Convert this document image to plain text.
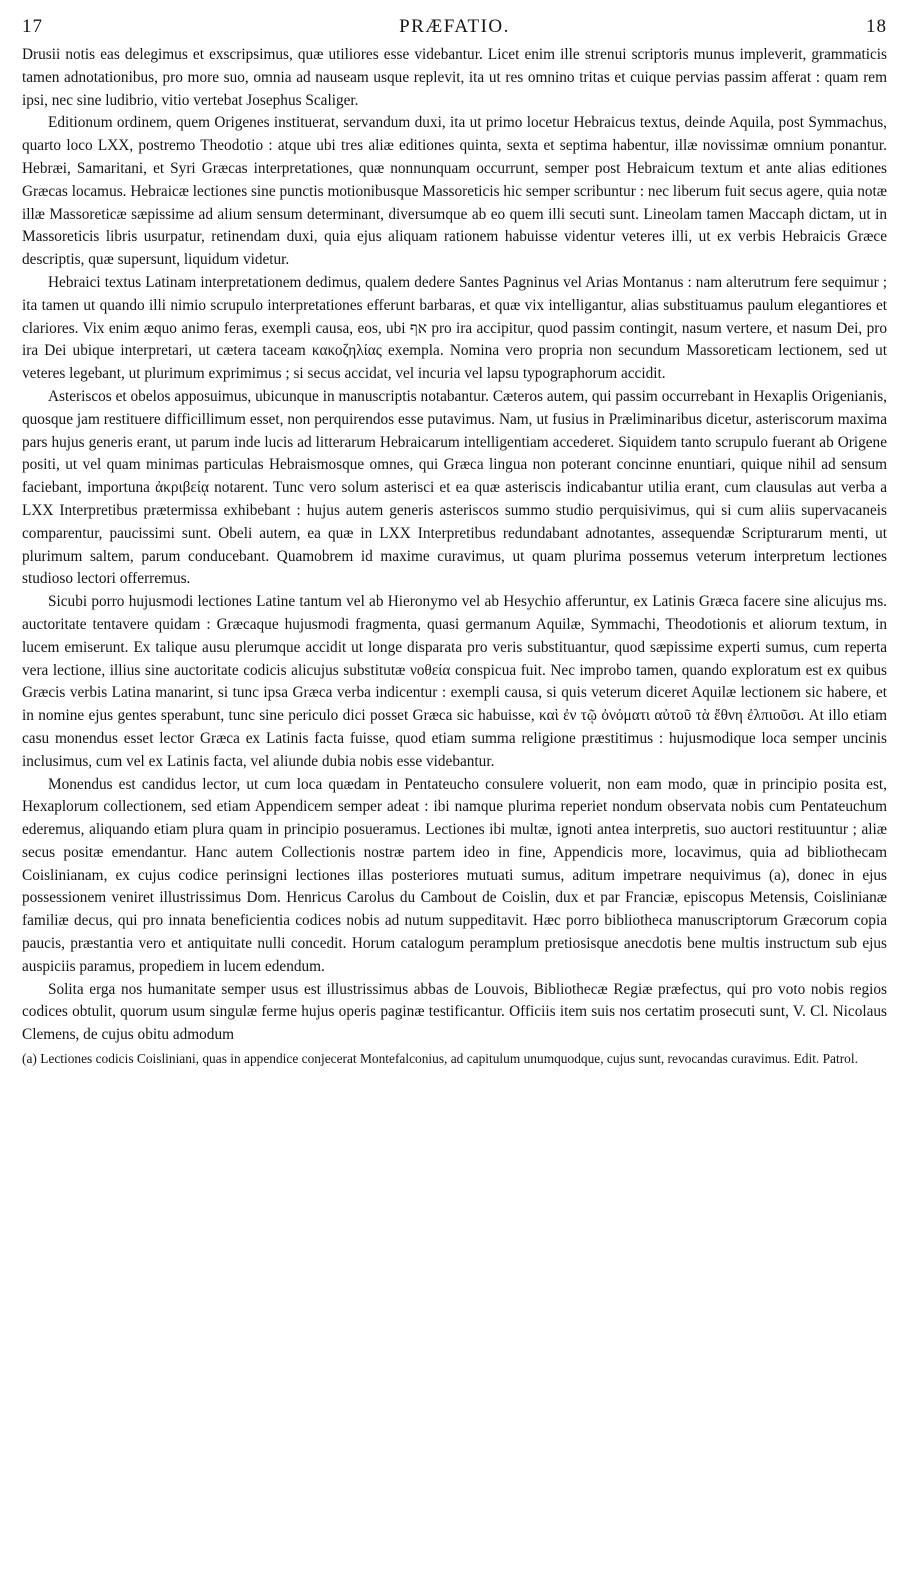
17	PRÆFATIO.	18

Drusii notis eas delegimus et exscripsimus, quæ utiliores esse videbantur. Licet enim ille strenui scriptoris munus impleverit, grammaticis tamen adnotationibus, pro more suo, omnia ad nauseam usque replevit, ita ut res omnino tritas et cuique pervias passim afferat : quam rem ipsi, nec sine ludibrio, vitio vertebat Josephus Scaliger.

Editionum ordinem, quem Origenes instituerat, servandum duxi, ita ut primo locetur Hebraicus textus, deinde Aquila, post Symmachus, quarto loco LXX, postremo Theodotio : atque ubi tres aliæ editiones quinta, sexta et septima habentur, illæ novissimæ omnium ponantur. Hebræi, Samaritani, et Syri Græcas interpretationes, quæ nonnunquam occurrunt, semper post Hebraicum textum et ante alias editiones Græcas locamus. Hebraicæ lectiones sine punctis motionibusque Massoreticis hic semper scribuntur : nec liberum fuit secus agere, quia notæ illæ Massoreticæ sæpissime ad alium sensum determinant, diversumque ab eo quem illi secuti sunt. Lineolam tamen Maccaph dictam, ut in Massoreticis libris usurpatur, retinendam duxi, quia ejus aliquam rationem habuisse videntur veteres illi, ut ex verbis Hebraicis Græce descriptis, quæ supersunt, liquidum videtur.

Hebraici textus Latinam interpretationem dedimus, qualem dedere Santes Pagninus vel Arias Montanus : nam alterutrum fere sequimur ; ita tamen ut quando illi nimio scrupulo interpretationes efferunt barbaras, et quæ vix intelligantur, alias substituamus paulum elegantiores et clariores. Vix enim æquo animo feras, exempli causa, eos, ubi אף pro ira accipitur, quod passim contingit, nasum vertere, et nasum Dei, pro ira Dei ubique interpretari, ut cætera taceam κακοζηλίας exempla. Nomina vero propria non secundum Massoreticam lectionem, sed ut veteres legebant, ut plurimum exprimimus ; si secus accidat, vel incuria vel lapsu typographorum accidit.

Asteriscos et obelos apposuimus, ubicunque in manuscriptis notabantur. Cæteros autem, qui passim occurrebant in Hexaplis Origenianis, quosque jam restituere difficillimum esset, non perquirendos esse putavimus. Nam, ut fusius in Præliminaribus dicetur, asteriscorum maxima pars hujus generis erant, ut parum inde lucis ad litterarum Hebraicarum intelligentiam accederet. Siquidem tanto scrupulo fuerant ab Origene positi, ut vel quam minimas particulas Hebraismosque omnes, qui Græca lingua non poterant concinne enuntiari, quique nihil ad sensum faciebant, importuna ἀκριβείᾳ notarent. Tunc vero solum asterisci et ea quæ asteriscis indicabantur utilia erant, cum clausulas aut verba a LXX Interpretibus prætermissa exhibebant : hujus autem generis asteriscos summo studio perquisivimus, qui si cum aliis supervacaneis comparentur, paucissimi sunt. Obeli autem, ea quæ in LXX Interpretibus redundabant adnotantes, assequendæ Scripturarum menti, ut plurimum saltem, parum conducebant. Quamobrem id maxime curavimus, ut quam plurima possemus veterum interpretum lectiones studioso lectori offerremus.

Sicubi porro hujusmodi lectiones Latine tantum vel ab Hieronymo vel ab Hesychio afferuntur, ex Latinis Græca facere sine alicujus ms. auctoritate tentavere quidam : Græcaque hujusmodi fragmenta, quasi germanum Aquilæ, Symmachi, Theodotionis et aliorum textum, in lucem emiserunt. Ex talique ausu plerumque accidit ut longe disparata pro veris substituantur, quod sæpissime experti sumus, cum reperta vera lectione, illius sine auctoritate codicis alicujus substitutæ νοθεία conspicua fuit. Nec improbo tamen, quando exploratum est ex quibus Græcis verbis Latina manarint, si tunc ipsa Græca verba indicentur : exempli causa, si quis veterum diceret Aquilæ lectionem sic habere, et in nomine ejus gentes sperabunt, tunc sine periculo dici posset Græca sic habuisse, καὶ ἐν τῷ ὀνόματι αὐτοῦ τὰ ἔθνη ἐλπιοῦσι. At illo etiam casu monendus esset lector Græca ex Latinis facta fuisse, quod etiam summa religione præstitimus : hujusmodique loca semper uncinis inclusimus, cum vel ex Latinis facta, vel aliunde dubia nobis esse videbantur.

Monendus est candidus lector, ut cum loca quædam in Pentateucho consulere voluerit, non eam modo, quæ in principio posita est, Hexaplorum collectionem, sed etiam Appendicem semper adeat : ibi namque plurima reperiet nondum observata nobis cum Pentateuchum ederemus, aliquando etiam plura quam in principio posueramus. Lectiones ibi multæ, ignoti antea interpretis, suo auctori restituuntur ; aliæ secus positæ emendantur. Hanc autem Collectionis nostræ partem ideo in fine, Appendicis more, locavimus, quia ad bibliothecam Coislinianam, ex cujus codice perinsigni lectiones illas posteriores mutuati sumus, aditum impetrare nequivimus (a), donec in ejus possessionem veniret illustrissimus Dom. Henricus Carolus du Cambout de Coislin, dux et par Franciæ, episcopus Metensis, Coislinianæ familiæ decus, qui pro innata beneficientia codices nobis ad nutum suppeditavit. Hæc porro bibliotheca manuscriptorum Græcorum copia paucis, præstantia vero et antiquitate nulli concedit. Horum catalogum peramplum pretiosisque anecdotis bene multis instructum sub ejus auspiciis paramus, propediem in lucem edendum.

Solita erga nos humanitate semper usus est illustrissimus abbas de Louvois, Bibliothecæ Regiæ præfectus, qui pro voto nobis regios codices obtulit, quorum usum singulæ ferme hujus operis paginæ testificantur. Officiis item suis nos certatim prosecuti sunt, V. Cl. Nicolaus Clemens, de cujus obitu admodum

(a) Lectiones codicis Coisliniani, quas in appendice conjecerat Montefalconius, ad capitulum unumquodque, cujus sunt, revocandas curavimus. Edit. Patrol.
